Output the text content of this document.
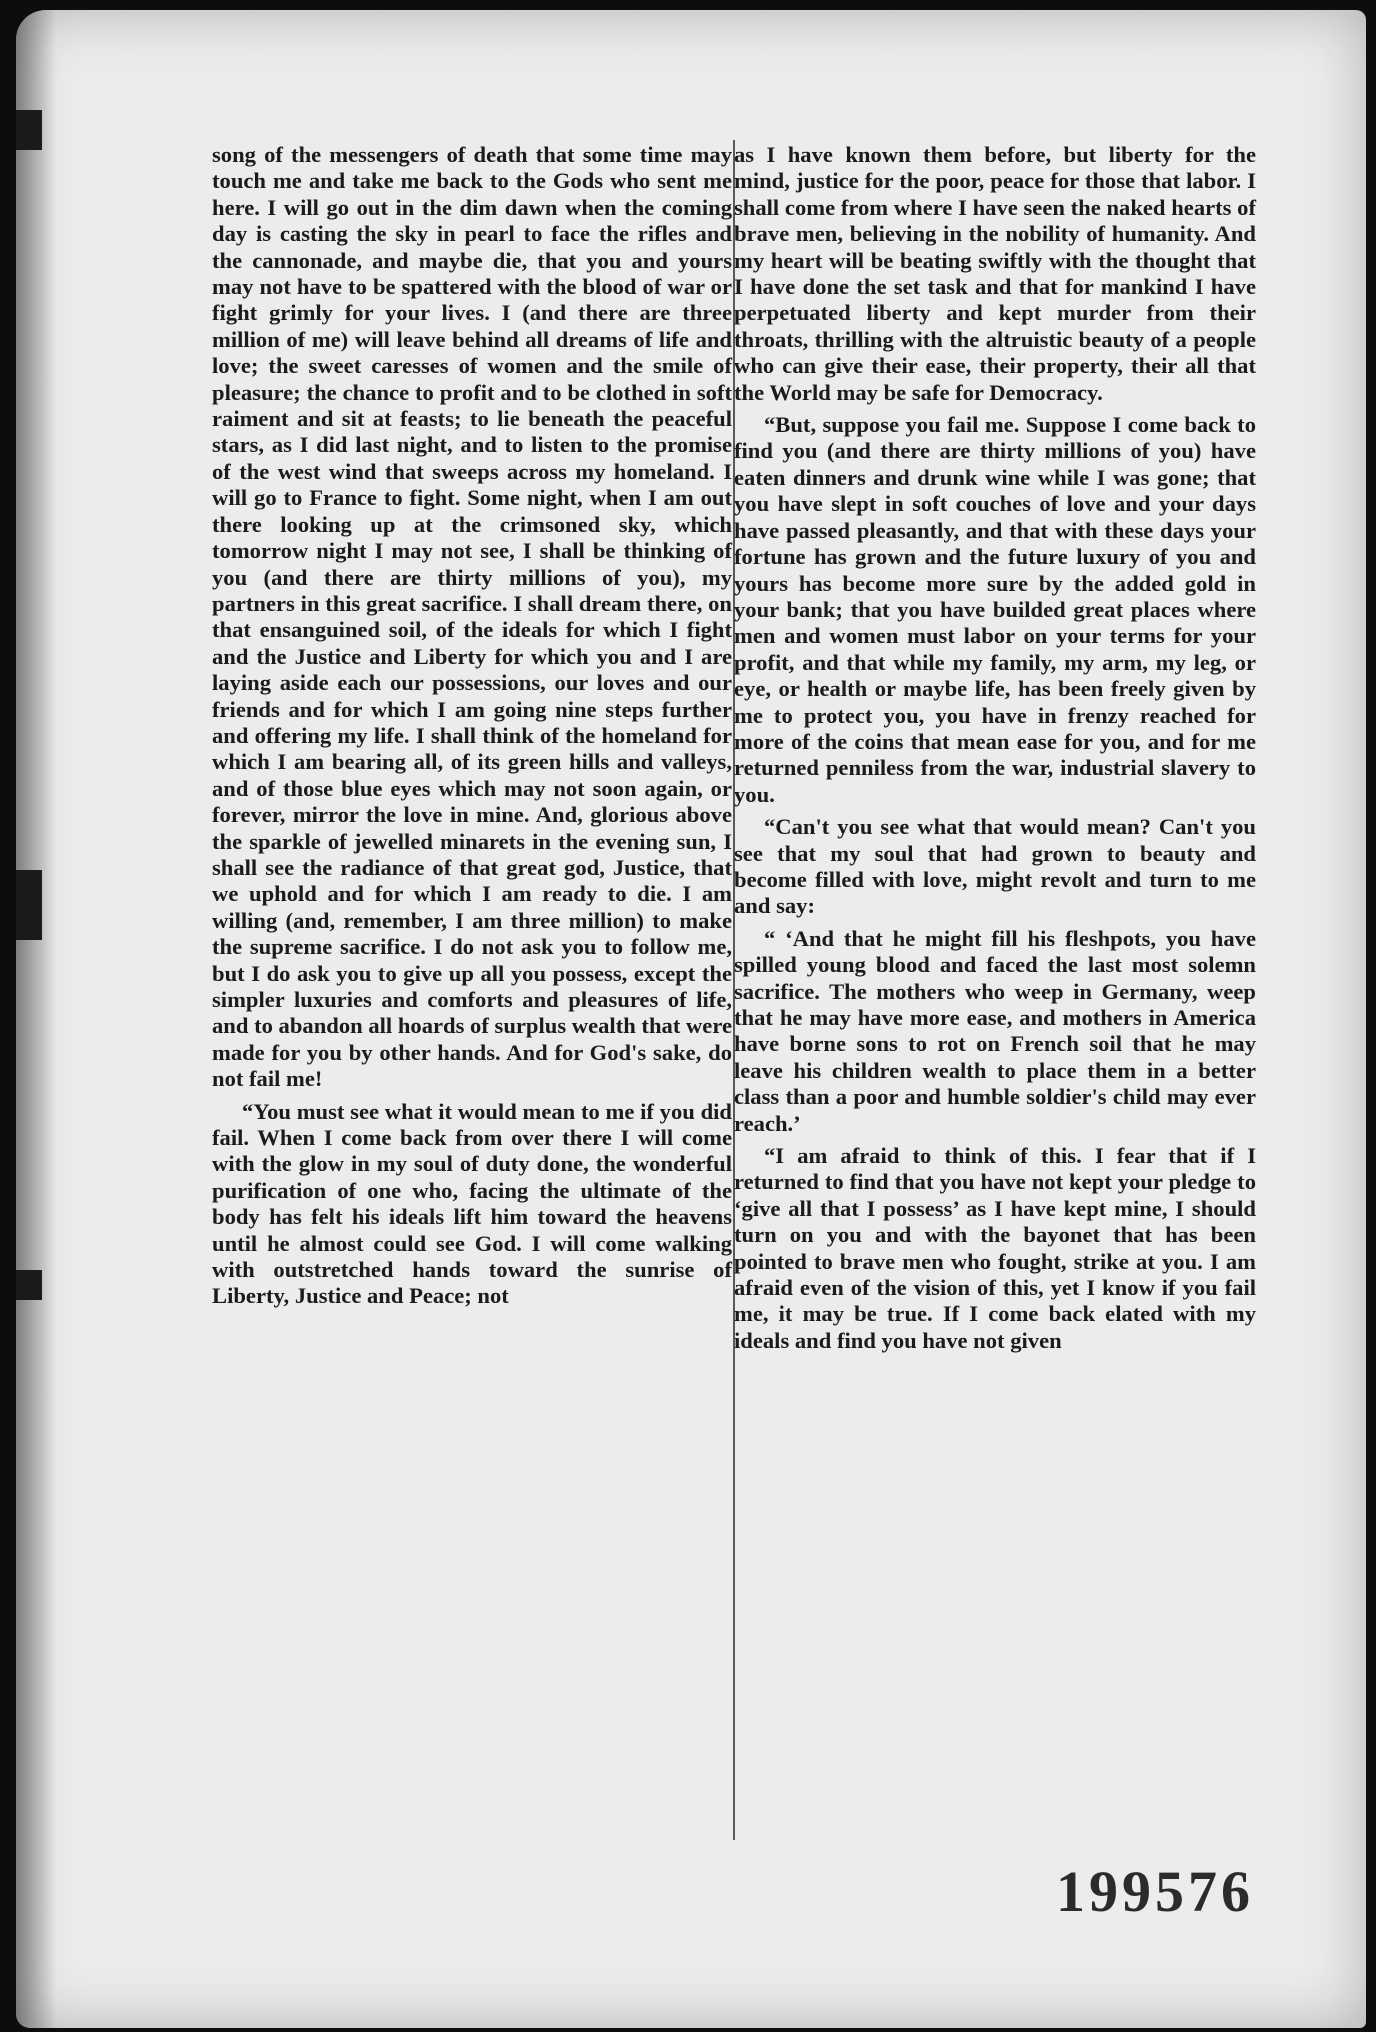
song of the messengers of death that some time may touch me and take me back to the Gods who sent me here. I will go out in the dim dawn when the coming day is casting the sky in pearl to face the rifles and the cannonade, and maybe die, that you and yours may not have to be spattered with the blood of war or fight grimly for your lives. I (and there are three million of me) will leave behind all dreams of life and love; the sweet caresses of women and the smile of pleasure; the chance to profit and to be clothed in soft raiment and sit at feasts; to lie beneath the peaceful stars, as I did last night, and to listen to the promise of the west wind that sweeps across my homeland. I will go to France to fight. Some night, when I am out there looking up at the crimsoned sky, which tomorrow night I may not see, I shall be thinking of you (and there are thirty millions of you), my partners in this great sacrifice. I shall dream there, on that ensanguined soil, of the ideals for which I fight and the Justice and Liberty for which you and I are laying aside each our possessions, our loves and our friends and for which I am going nine steps further and offering my life. I shall think of the homeland for which I am bearing all, of its green hills and valleys, and of those blue eyes which may not soon again, or forever, mirror the love in mine. And, glorious above the sparkle of jewelled minarets in the evening sun, I shall see the radiance of that great god, Justice, that we uphold and for which I am ready to die. I am willing (and, remember, I am three million) to make the supreme sacrifice. I do not ask you to follow me, but I do ask you to give up all you possess, except the simpler luxuries and comforts and pleasures of life, and to abandon all hoards of surplus wealth that were made for you by other hands. And for God's sake, do not fail me!

“You must see what it would mean to me if you did fail. When I come back from over there I will come with the glow in my soul of duty done, the wonderful purification of one who, facing the ultimate of the body has felt his ideals lift him toward the heavens until he almost could see God. I will come walking with outstretched hands toward the sunrise of Liberty, Justice and Peace; not

as I have known them before, but liberty for the mind, justice for the poor, peace for those that labor. I shall come from where I have seen the naked hearts of brave men, believing in the nobility of humanity. And my heart will be beating swiftly with the thought that I have done the set task and that for mankind I have perpetuated liberty and kept murder from their throats, thrilling with the altruistic beauty of a people who can give their ease, their property, their all that the World may be safe for Democracy.

“But, suppose you fail me. Suppose I come back to find you (and there are thirty millions of you) have eaten dinners and drunk wine while I was gone; that you have slept in soft couches of love and your days have passed pleasantly, and that with these days your fortune has grown and the future luxury of you and yours has become more sure by the added gold in your bank; that you have builded great places where men and women must labor on your terms for your profit, and that while my family, my arm, my leg, or eye, or health or maybe life, has been freely given by me to protect you, you have in frenzy reached for more of the coins that mean ease for you, and for me returned penniless from the war, industrial slavery to you.

“Can't you see what that would mean? Can't you see that my soul that had grown to beauty and become filled with love, might revolt and turn to me and say:

“ ‘And that he might fill his fleshpots, you have spilled young blood and faced the last most solemn sacrifice. The mothers who weep in Germany, weep that he may have more ease, and mothers in America have borne sons to rot on French soil that he may leave his children wealth to place them in a better class than a poor and humble soldier's child may ever reach.’

“I am afraid to think of this. I fear that if I returned to find that you have not kept your pledge to ‘give all that I possess’ as I have kept mine, I should turn on you and with the bayonet that has been pointed to brave men who fought, strike at you. I am afraid even of the vision of this, yet I know if you fail me, it may be true. If I come back elated with my ideals and find you have not given

199576
